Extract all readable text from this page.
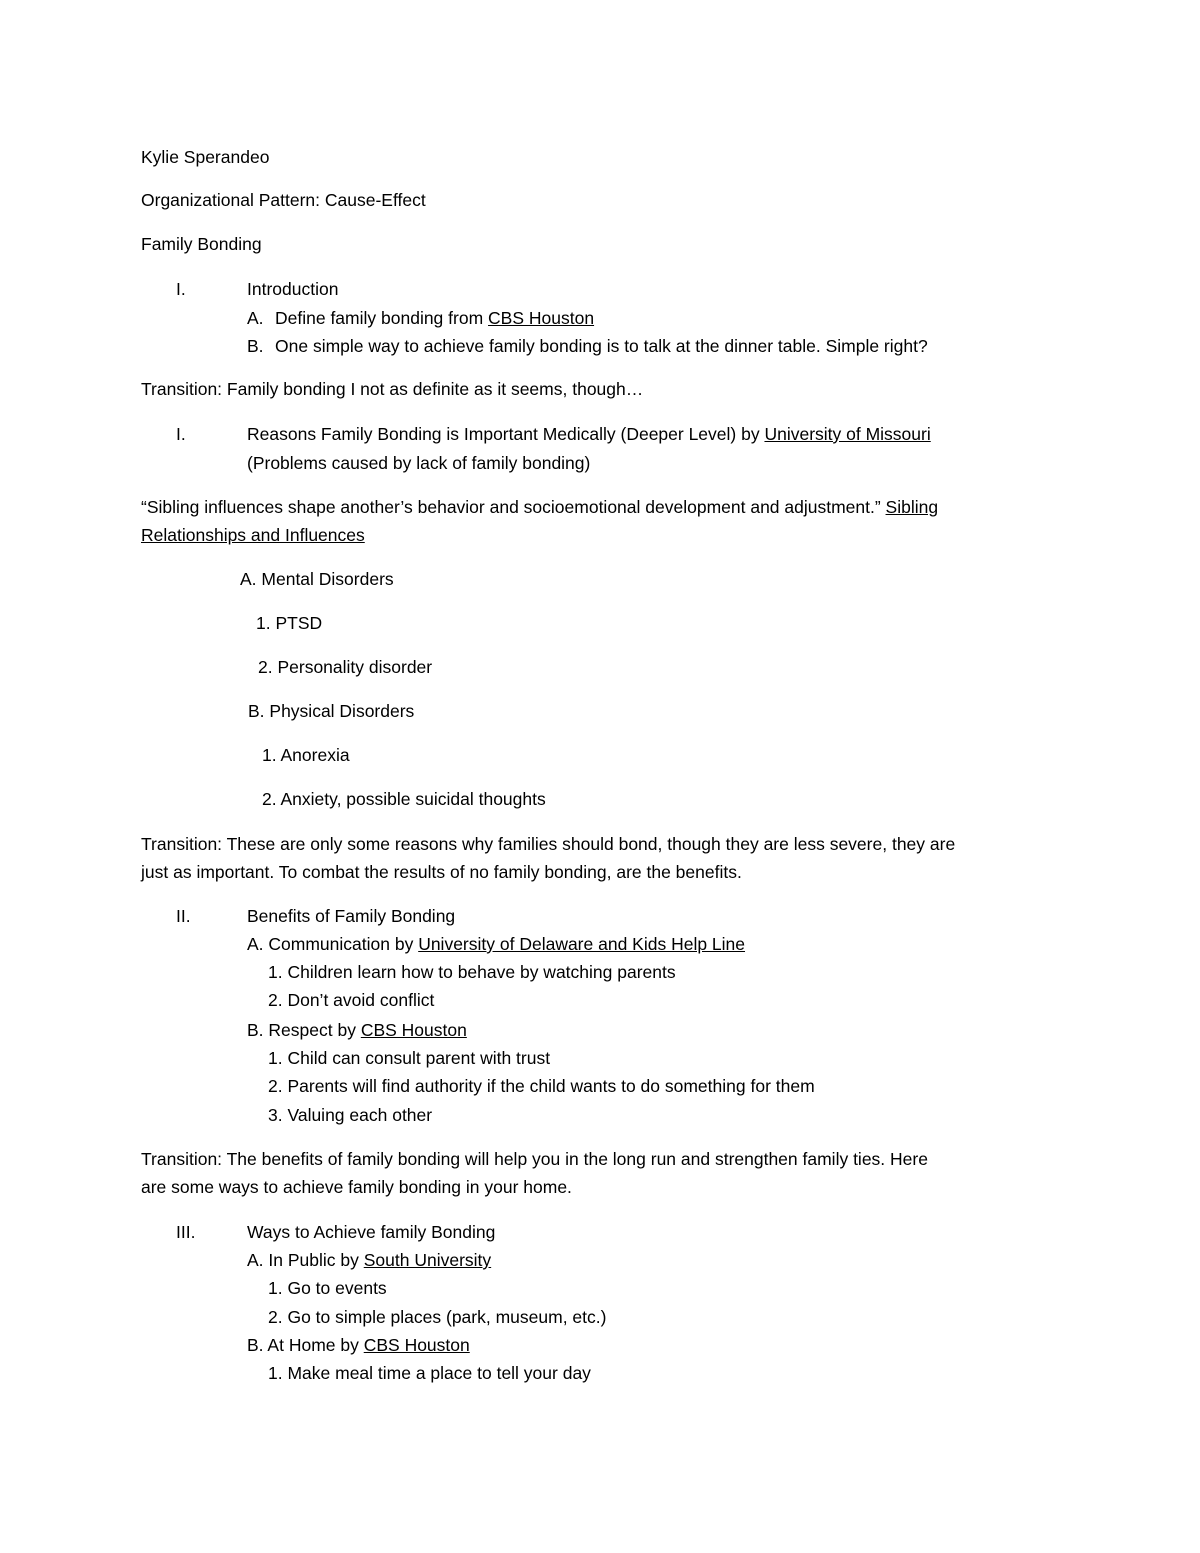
Kylie Sperandeo
Organizational Pattern: Cause-Effect
Family Bonding
I.	Introduction
A. Define family bonding from CBS Houston
B. One simple way to achieve family bonding is to talk at the dinner table. Simple right?
Transition: Family bonding I not as definite as it seems, though…
I.	Reasons Family Bonding is Important Medically (Deeper Level) by University of Missouri
(Problems caused by lack of family bonding)
“Sibling influences shape another’s behavior and socioemotional development and adjustment.” Sibling
Relationships and Influences
A. Mental Disorders
1. PTSD
2. Personality disorder
B. Physical Disorders
1. Anorexia
2. Anxiety, possible suicidal thoughts
Transition: These are only some reasons why families should bond, though they are less severe, they are
just as important. To combat the results of no family bonding, are the benefits.
II.	Benefits of Family Bonding
A. Communication by University of Delaware and Kids Help Line
1. Children learn how to behave by watching parents
2. Don’t avoid conflict
B. Respect by CBS Houston
1. Child can consult parent with trust
2. Parents will find authority if the child wants to do something for them
3. Valuing each other
Transition: The benefits of family bonding will help you in the long run and strengthen family ties. Here
are some ways to achieve family bonding in your home.
III.	Ways to Achieve family Bonding
A. In Public by South University
1. Go to events
2. Go to simple places (park, museum, etc.)
B. At Home by CBS Houston
1. Make meal time a place to tell your day
